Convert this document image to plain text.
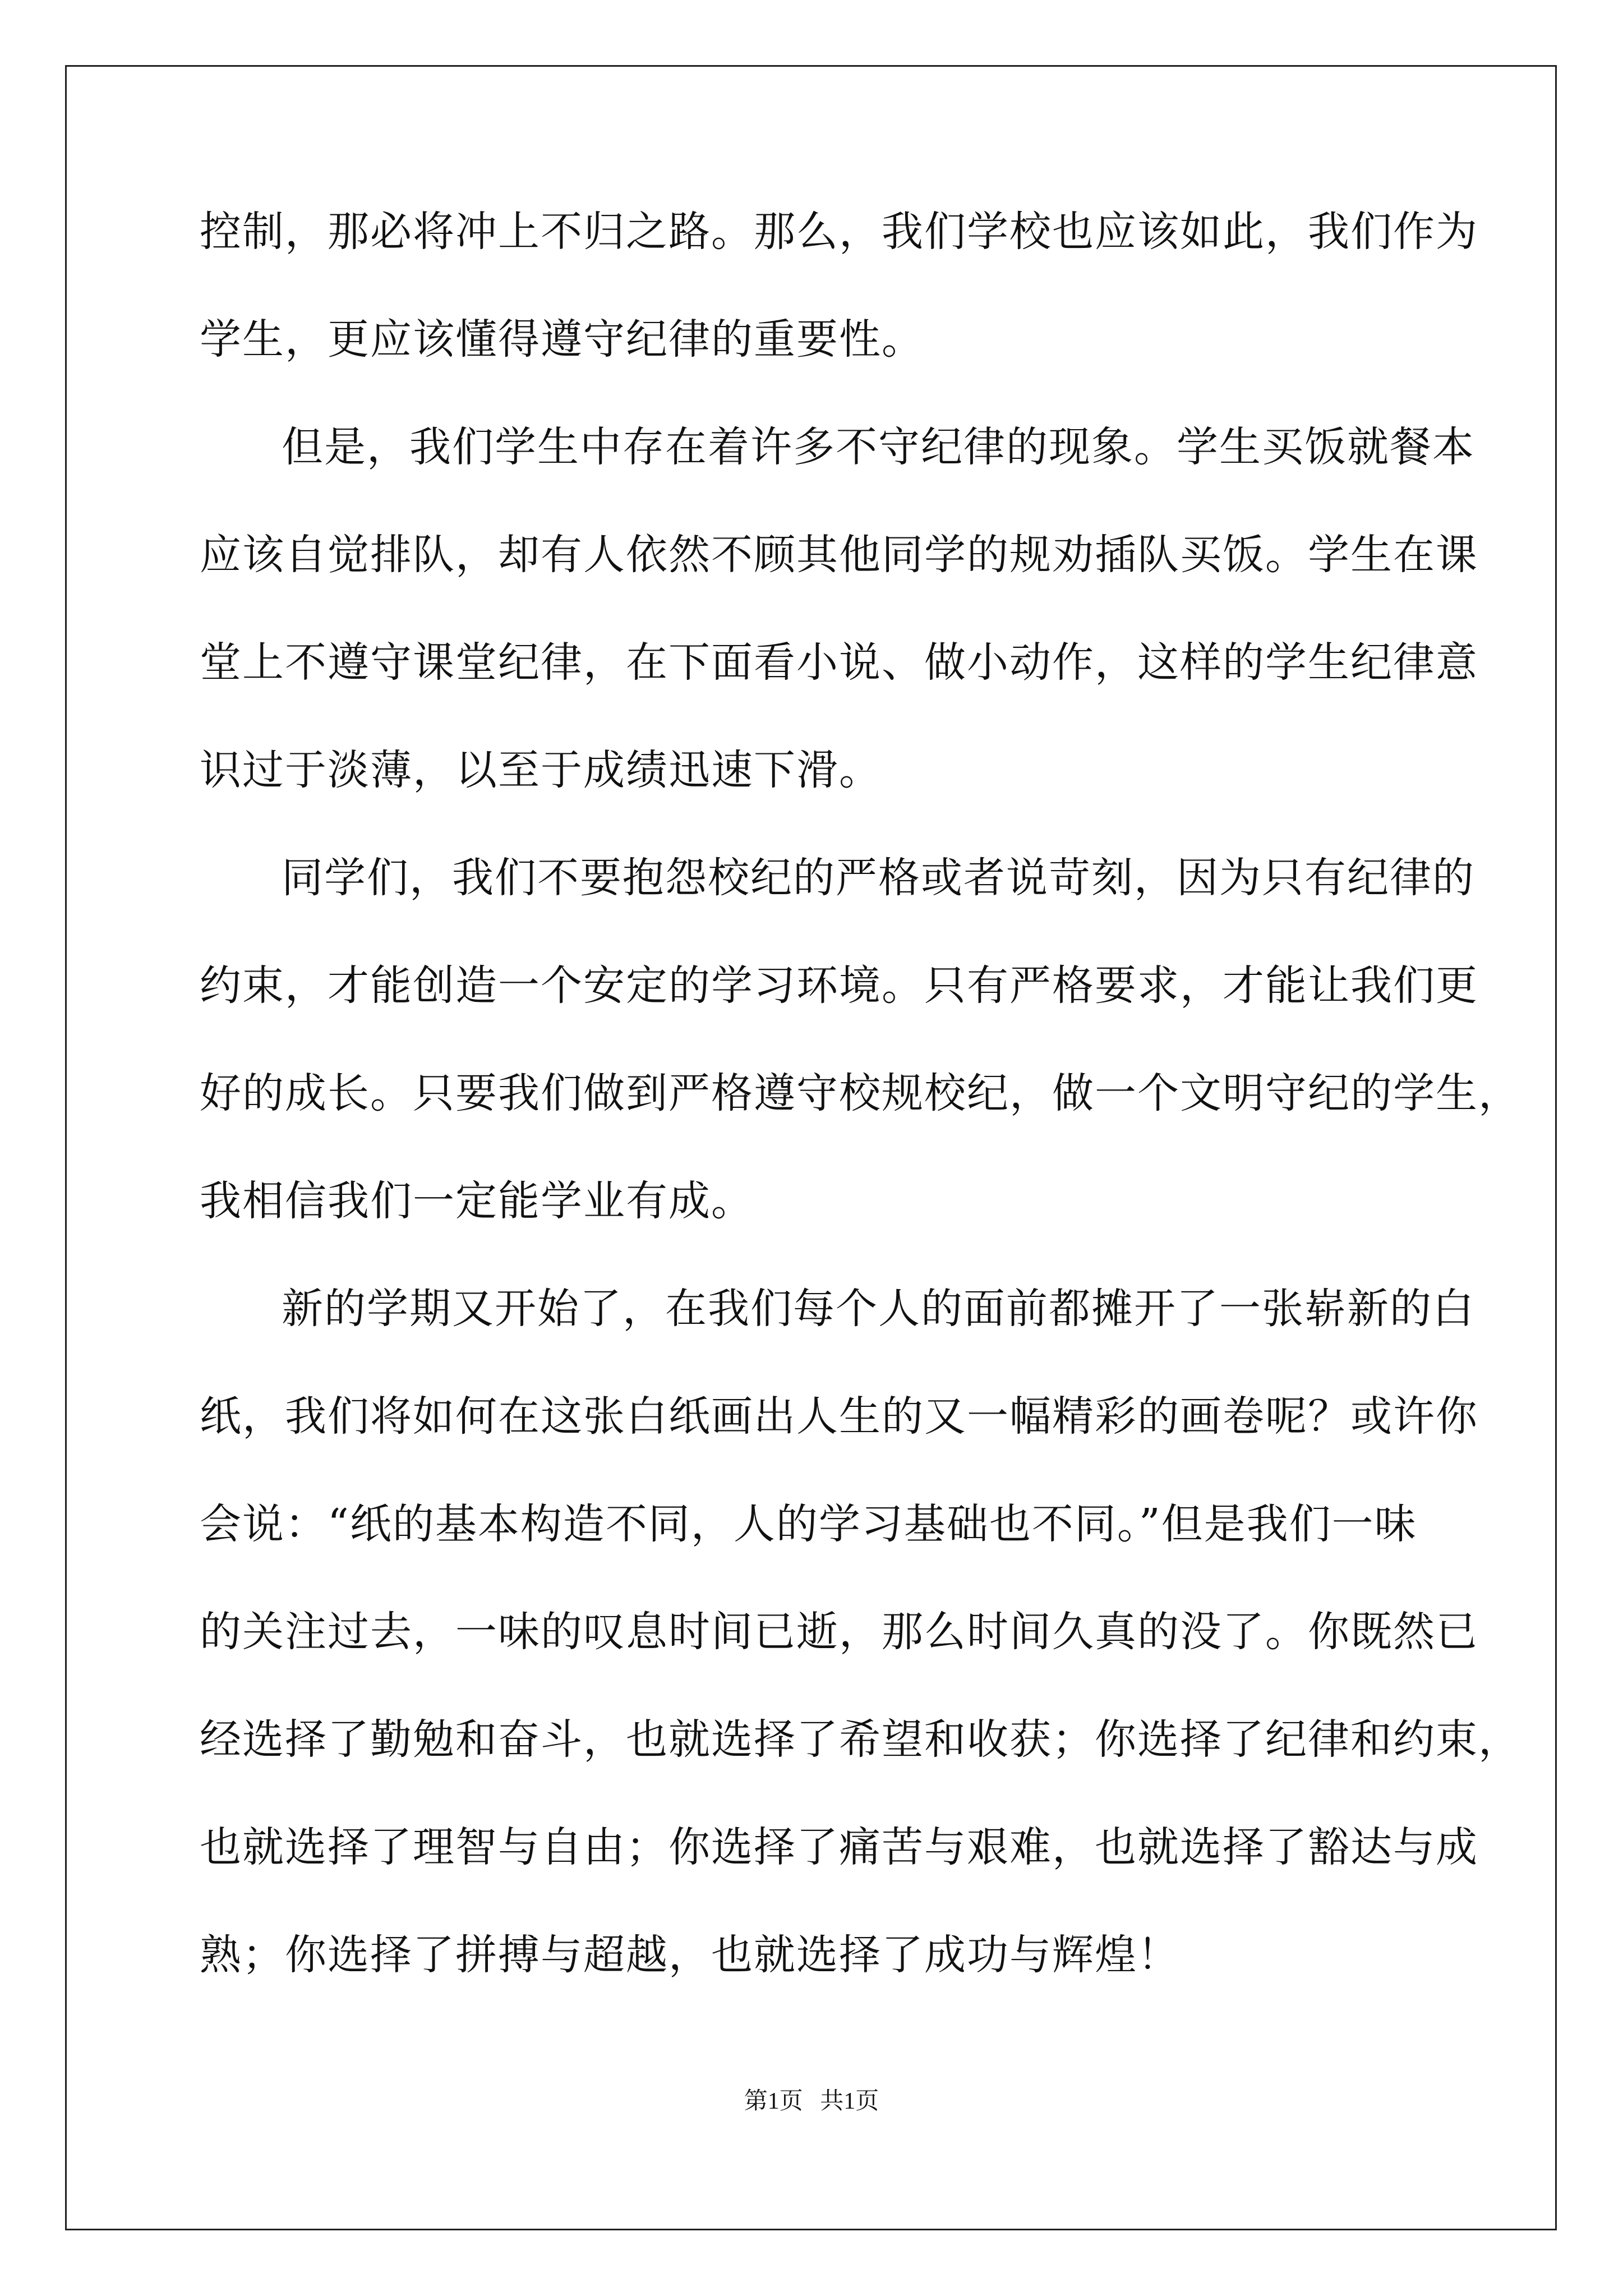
控制，那必将冲上不归之路。那么，我们学校也应该如此，我们作为
学生，更应该懂得遵守纪律的重要性。
但是，我们学生中存在着许多不守纪律的现象。学生买饭就餐本
应该自觉排队，却有人依然不顾其他同学的规劝插队买饭。学生在课
堂上不遵守课堂纪律，在下面看小说、做小动作，这样的学生纪律意
识过于淡薄，以至于成绩迅速下滑。
同学们，我们不要抱怨校纪的严格或者说苛刻，因为只有纪律的
约束，才能创造一个安定的学习环境。只有严格要求，才能让我们更
好的成长。只要我们做到严格遵守校规校纪，做一个文明守纪的学生，
我相信我们一定能学业有成。
新的学期又开始了，在我们每个人的面前都摊开了一张崭新的白
纸，我们将如何在这张白纸画出人生的又一幅精彩的画卷呢？或许你
会说：“纸的基本构造不同，人的学习基础也不同。”但是我们一味
的关注过去，一味的叹息时间已逝，那么时间久真的没了。你既然已
经选择了勤勉和奋斗，也就选择了希望和收获；你选择了纪律和约束，
也就选择了理智与自由；你选择了痛苦与艰难，也就选择了豁达与成
熟；你选择了拼搏与超越，也就选择了成功与辉煌！
第1页 共1页
